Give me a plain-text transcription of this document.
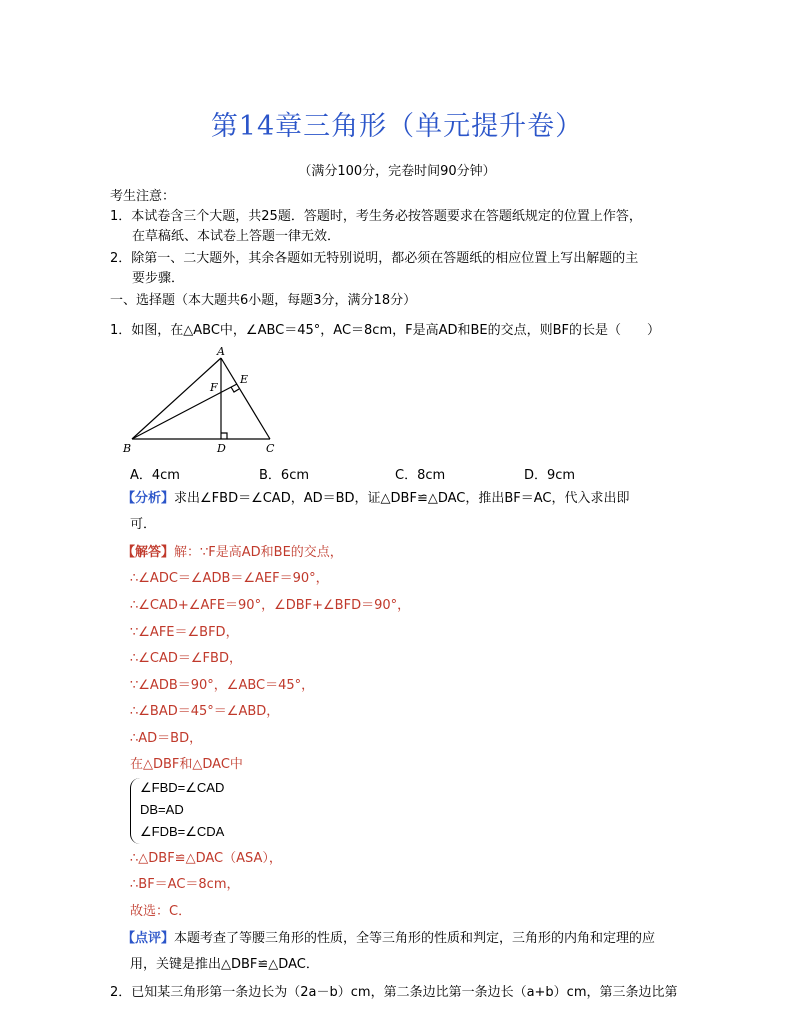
第14章三角形（单元提升卷）
（满分100分，完卷时间90分钟）
考生注意：
1．本试卷含三个大题，共25题．答题时，考生务必按答题要求在答题纸规定的位置上作答，
在草稿纸、本试卷上答题一律无效．
2．除第一、二大题外，其余各题如无特别说明，都必须在答题纸的相应位置上写出解题的主
要步骤．
一、选择题（本大题共6小题，每题3分，满分18分）
1．如图，在△ABC中，∠ABC＝45°，AC＝8cm，F是高AD和BE的交点，则BF的长是（　　）
A
B	C
D
E
F
A．4cm	B．6cm	C．8cm	D．9cm
【分析】求出∠FBD＝∠CAD，AD＝BD，证△DBF≌△DAC，推出BF＝AC，代入求出即
可．
【解答】解：∵F是高AD和BE的交点，
∴∠ADC＝∠ADB＝∠AEF＝90°，
∴∠CAD+∠AFE＝90°，∠DBF+∠BFD＝90°，
∵∠AFE＝∠BFD，
∴∠CAD＝∠FBD，
∵∠ADB＝90°，∠ABC＝45°，
∴∠BAD＝45°＝∠ABD，
∴AD＝BD，
在△DBF和△DAC中
∠FBD=∠CAD
DB=AD
∠FDB=∠CDA
∴△DBF≌△DAC（ASA），
∴BF＝AC＝8cm，
故选：C．
【点评】本题考查了等腰三角形的性质，全等三角形的性质和判定，三角形的内角和定理的应
用，关键是推出△DBF≌△DAC．
2．已知某三角形第一条边长为（2a－b）cm，第二条边比第一条边长（a+b）cm，第三条边比第
